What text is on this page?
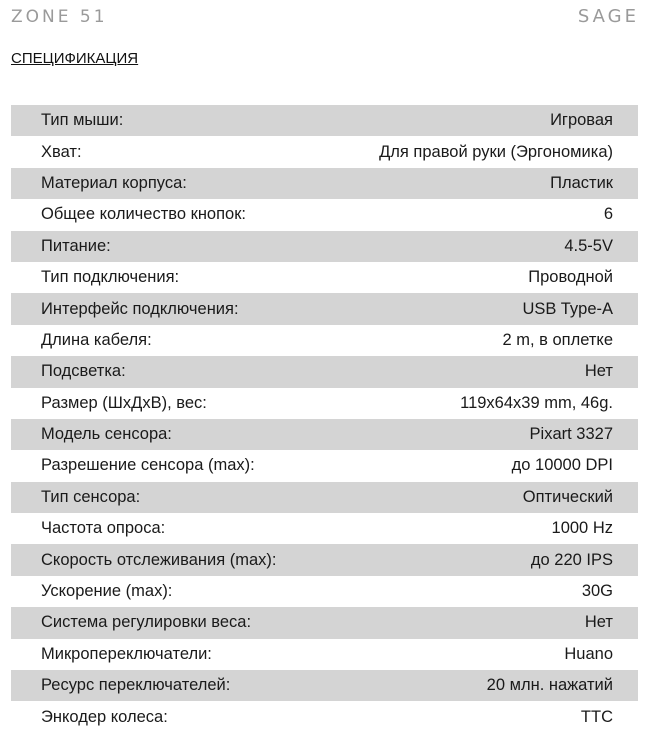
ZONE 51	SAGE
СПЕЦИФИКАЦИЯ
Тип мыши:	Игровая
Хват:	Для правой руки (Эргономика)
Материал корпуса:	Пластик
Общее количество кнопок:	6
Питание:	4.5-5V
Тип подключения:	Проводной
Интерфейс подключения:	USB Type-A
Длина кабеля:	2 m, в оплетке
Подсветка:	Нет
Размер (ШхДхВ), вес:	119x64x39 mm, 46g.
Модель сенсора:	Pixart 3327
Разрешение сенсора (max):	до 10000 DPI
Тип сенсора:	Оптический
Частота опроса:	1000 Hz
Скорость отслеживания (max):	до 220 IPS
Ускорение (max):	30G
Система регулировки веса:	Нет
Микропереключатели:	Huano
Ресурс переключателей:	20 млн. нажатий
Энкодер колеса:	TTC
